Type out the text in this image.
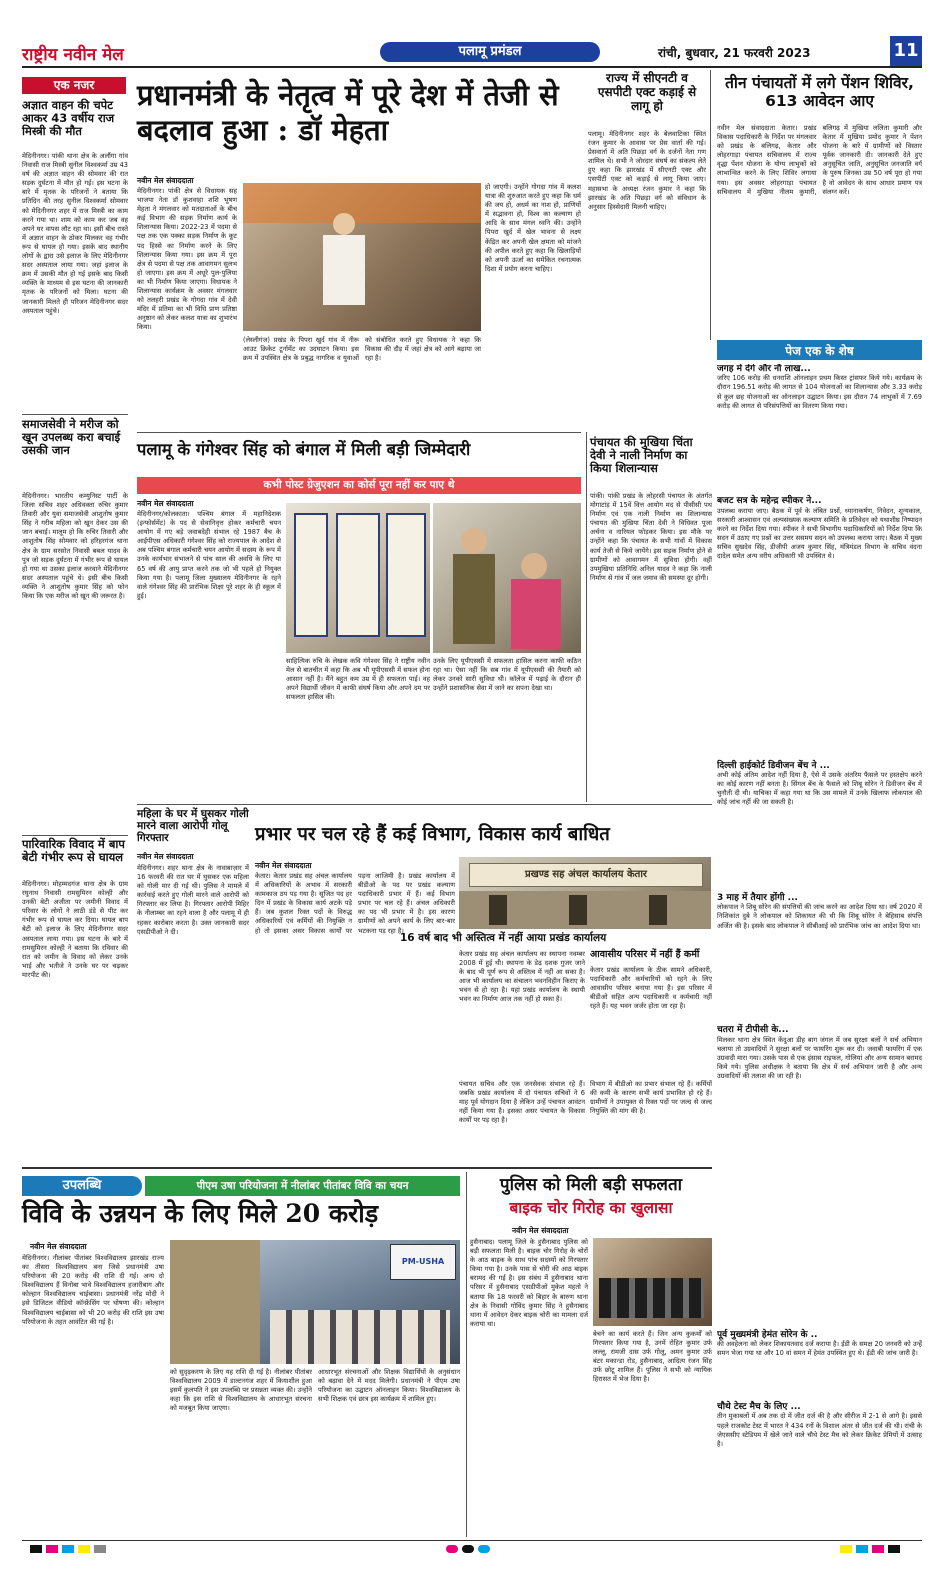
राष्ट्रीय नवीन मेल	पलामू प्रमंडल	रांची, बुधवार, 21 फरवरी 2023	11
एक नजर
अज्ञात वाहन की चपेट आकर 43 वर्षीय राज मिस्त्री की मौत
मेदिनीनगर। पांकी थाना क्षेत्र के अलौंगा गांव निवासी राज मिस्त्री सुनील विश्वकर्मा उम्र 43 वर्ष की अज्ञात वाहन की सोमवार की रात सड़क दुर्घटना में मौत हो गई। इस घटना के बारे में मृतक के परिजनों ने बताया कि प्रतिदिन की तरह सुनील विश्वकर्मा सोमवार को मेदिनीनगर शहर में राज मिस्त्री का काम करने गया था। शाम को काम कर जब वह अपने घर वापस लौट रहा था। इसी बीच रास्ते में अज्ञात वाहन के ठोकर मिलकर वह गंभीर रूप से घायल हो गया। इसके बाद स्थानीय लोगों के द्वारा उसे इलाज के लिए मेदिनीनगर सदर अस्पताल लाया गया। जहां इलाज के क्रम में उसकी मौत हो गई इसके बाद किसी व्यक्ति के माध्यम से इस घटना की जानकारी मृतक के परिजनों को मिला। घटना की जानकारी मिलते ही परिजन मेदिनीनगर सदर अस्पताल पहुंचे।
समाजसेवी ने मरीज को खून उपलब्ध करा बचाई उसकी जान
मेदिनीनगर। भारतीय कम्युनिस्ट पार्टी के जिला सचिव शहर अधिवक्ता रुचिर कुमार तिवारी और युवा समाजसेवी आशुतोष कुमार सिंह ने गरीब महिला को खून देकर उस की जान बचाई। मालूम हो कि रुचिर तिवारी और आशुतोष सिंह सोमवार को हरिहरगंज थाना क्षेत्र के ग्राम सरसोत निवासी बबल यादव के पुत्र जो सड़क दुर्घटना में गंभीर रूप से घायल हो गया था उसका इलाज करवाने मेदिनीनगर सदर अस्पताल पहुंचे थे। इसी बीच किसी व्यक्ति ने आशुतोष कुमार सिंह को फोन किया कि एक मरीज को खून की जरूरत है।
पारिवारिक विवाद में बाप बेटी गंभीर रूप से घायल
मेदिनीनगर। मोहम्मदगंज थाना क्षेत्र के ग्राम रघुनाथ निवासी रामसुमिरन कोल्ही और उनकी बेटी अजीता पर जमीनी विवाद में परिवार के लोगों ने लाठी डंडे से पीट कर गंभीर रूप से घायल कर दिया। घायल बाप बेटी को इलाज के लिए मेदिनीनगर सदर अस्पताल लाया गया। इस घटना के बारे में रामसुमिरन कोल्ही ने बताया कि रविवार की रात को जमीन के विवाद को लेकर उनके भाई और भतीजे ने उनके घर पर चढ़कर मारपीट की।
प्रधानमंत्री के नेतृत्व में पूरे देश में तेजी से बदलाव हुआ : डॉ मेहता
नवीन मेल संवाददाता
मेदिनीनगर। पांकी क्षेत्र से विधायक सह भाजपा नेता डॉ कुशवाहा शशि भूषण मेहता ने मंगलवार को मतदाताओं के बीच कई विभाग की सड़क निर्माण कार्य के शिलान्यास किया। 2022-23 में पदमा से पक्ष तक एक पक्का सड़क निर्माण के कूट पद हिस्से का निर्माण करने के लिए शिलान्यास किया गया। इस क्रम में पूरा क्षेत्र से पदमा से पक्ष तक आवागमन सुलभ हो जाएगा। इस क्रम में अधूरे पुल-पुलिया का भी निर्माण किया जाएगा। विधायक ने शिलान्यास कार्यक्रम के अवसर मंगलवार को तलहरी प्रखंड के गोगदा गांव में देवी मंदिर में प्रतिमा का भी विधि प्राण प्रतिष्ठा अनुष्ठान को लेकर कलश यात्रा का शुभारंभ किया।
(लेस्लीगंज) प्रखंड के पिपरा खुर्द गांव में नीरू आउट क्रिकेट टूर्नामेंट का उदघाटन किया। इस क्रम में उपस्थित क्षेत्र के प्रबुद्ध नागरिक व युवाओं को संबोधित करते हुए विधायक ने कहा कि विकास की दौड़ में जहां क्षेत्र को आगे बढ़ाया जा रहा है।
हो जाएगी। उन्होंने गोगदा गांव में कलश यात्रा की शुरुआत करते हुए कहा कि धर्म की जय हो, अधर्म का नाश हो, प्राणियों में सद्भावना हो, विश्व का कल्याण हो आदि के साथ मंगल ध्वनि की। उन्होंने पिपरा खुर्द में खेल भावना से लक्ष्य केंद्रित कर अपनी खेल क्षमता को मांजने की अपील करते हुए कहा कि खिलाड़ियों को अपनी ऊर्जा का समेकित रचनात्मक दिशा में प्रयोग करना चाहिए।
राज्य में सीएनटी व एसपीटी एक्ट कड़ाई से लागू हो
पलामू। मेदिनीनगर शहर के बेलवाटिका स्थित रंजन कुमार के आवास पर प्रेस वार्ता की गई। प्रेसवार्ता में अति पिछड़ा वर्ग के दर्जनों नेता गण शामिल थे। सभी ने जोरदार संघर्ष का संकल्प लेते हुए कहा कि झारखंड में सीएनटी एक्ट और एसपीटी एक्ट को कड़ाई से लागू किया जाए। महासभा के अध्यक्ष रंजन कुमार ने कहा कि झारखंड के अति पिछड़ा वर्ग को संविधान के अनुसार हिस्सेदारी मिलनी चाहिए।
तीन पंचायतों में लगे पेंशन शिविर, 613 आवेदन आए
नवीन मेल संवाददाता केतार। प्रखंड विकास पदाधिकारी के निर्देश पर मंगलवार को प्रखंड के बलिगढ़, केतार और लोहरगाड़ा पंचायत सचिवालय में राज्य वृद्धा पेंशन योजना के योग्य लाभुकों को लाभान्वित करने के लिए शिविर लगाया गया। इस अवसर लोहरगाड़ा पंचायत सचिवालय में मुखिया नीलम कुमारी, बलिगढ़ में मुखिया ललिता कुमारी और केतार में मुखिया प्रमोद कुमार ने पेंशन योजना के बारे में ग्रामीणों को विस्तार पूर्वक जानकारी दी। जानकारी देते हुए अनुसूचित जाति, अनुसूचित जनजाति वर्ग के पुरुष जिनका उम्र 50 वर्ष पूरा हो गया है वो आवेदन के साथ आधार प्रमाण पत्र संलग्न करें।
पेज एक के शेष
जगह में देंगे और नौ लाख...
जरिए 106 करोड़ की धनराशि ऑनलाइन प्रथम किस्त ट्रांसफर किये गये। कार्यक्रम के दौरान 196.51 करोड़ की लागत से 104 योजनाओं का शिलान्यास और 3.33 करोड़ से कुल छह योजनाओं का ऑनलाइन उद्घाटन किया। इस दौरान 74 लाभुकों में 7.69 करोड़ की लागत से परिसंपत्तियों का वितरण किया गया।
बजट सत्र के महेन्द्र स्पीकर ने...
उपलब्ध कराया जाए। बैठक में पूर्व के लंबित प्रश्नों, ध्यानाकर्षण, निवेदन, शून्यकाल, सरकारी आश्वासन एवं अल्पसंख्यक कल्याण समिति के प्रतिवेदन को यथाशीघ्र निष्पादन करने का निर्देश दिया गया। स्पीकर ने सभी विभागीय पदाधिकारियों को निर्देश दिया कि सदन में उठाए गए प्रश्नों का उत्तर ससमय सदन को उपलब्ध कराया जाए। बैठक में मुख्य सचिव सुखदेव सिंह, डीजीपी अजय कुमार सिंह, मंत्रिमंडल विभाग के सचिव वंदना दादेल समेत अन्य वरीय अधिकारी भी उपस्थित थे।
दिल्ली हाईकोर्ट डिवीजन बेंच ने ...
अभी कोई अंतिम आदेश नहीं दिया है, ऐसे में उसके अंतरिम फैसले पर हस्तक्षेप करने का कोई कारण नहीं बनता है। सिंगल बेंच के फैसले को शिबू सोरेन ने डिवीजन बेंच में चुनौती दी थी। याचिका में कहा गया था कि उस मामले में उनके खिलाफ लोकपाल की कोई जांच नहीं की जा सकती है।
3 माह में तैयार होंगी ...
लोकपाल ने शिबू सोरेन की संपत्तियों की जांच करने का आदेश दिया था। वर्ष 2020 में निशिकांत दुबे ने लोकपाल को शिकायत की थी कि शिबू सोरेन ने बेहिसाब संपत्ति अर्जित की है। इसके बाद लोकपाल ने सीबीआई को प्रारंभिक जांच का आदेश दिया था।
चतरा में टीपीसी के...
मिलकर थाना क्षेत्र स्थित केंदुआ डीह बाग जंगल में जब सुरक्षा बलों ने सर्च अभियान चलाया तो उग्रवादियों ने सुरक्षा बलों पर फायरिंग शुरू कर दी। जवाबी फायरिंग में एक उग्रवादी मारा गया। उसके पास से एक इंसास राइफल, गोलियां और अन्य सामान बरामद किये गये। पुलिस अधीक्षक ने बताया कि क्षेत्र में सर्च अभियान जारी है और अन्य उग्रवादियों की तलाश की जा रही है।
पूर्व मुख्यमंत्री हेमंत सोरेन के ..
की अवहेलना को लेकर शिकायतवाद दर्ज कराया है। ईडी के समक्ष 20 जनवरी को उन्हें समन भेजा गया था और 10 वां समन में हेमंत उपस्थित हुए थे। ईडी की जांच जारी है।
चौथे टेस्ट मैच के लिए ...
तीन मुकाबलों में अब तक दो में जीत दर्ज की है और सीरीज में 2-1 से आगे है। इससे पहले राजकोट टेस्ट में भारत ने 434 रनों के विशाल अंतर से जीत दर्ज की थी। रांची के जेएससीए स्टेडियम में खेले जाने वाले चौथे टेस्ट मैच को लेकर क्रिकेट प्रेमियों में उत्साह है।
पलामू के गंगेश्वर सिंह को बंगाल में मिली बड़ी जिम्मेदारी
कभी पोस्ट ग्रेजुएशन का कोर्स पूरा नहीं कर पाए थे
नवीन मेल संवाददाता
मेदिनीनगर/कोलकाता। पश्चिम बंगाल में महानिदेशक (इन्फोर्समेंट) के पद से सेवानिवृत्त होकर कर्मचारी चयन आयोग में गए बड़े जवाबदेही संभाल रहे 1987 बैच के आईपीएस अधिकारी गंगेश्वर सिंह को राज्यपाल के आदेश से अब पश्चिम बंगाल कर्मचारी चयन आयोग में सदस्य के रूप में उनके कार्यभार संभालने से पांच साल की अवधि के लिए या 65 वर्ष की आयु प्राप्त करने तक जो भी पहले हो नियुक्त किया गया है। पलामू जिला मुख्यालय मेदिनीनगर के रहने वाले गंगेश्वर सिंह की प्रारंभिक शिक्षा पूरे शहर के ही स्कूल में हुई।
साहित्यिक रुचि के लेखक कवि गंगेश्वर सिंह ने राष्ट्रीय नवीन मेल से बातचीत में कहा कि अब भी यूपीएससी में सफल होना आसान नहीं है। मैंने बहुत कम उम्र में ही सफलता पाई। वह अपने विद्यार्थी जीवन में काफी संघर्ष किया और अपने दम पर सफलता हासिल की।
उनके लिए यूपीएससी में सफलता हासिल करना काफी कठिन रहा था। ऐसा नहीं कि सब गांव में यूपीएससी की तैयारी को लेकर उनको सारी सुविधा थी। कॉलेज में पढ़ाई के दौरान ही उन्होंने प्रशासनिक सेवा में जाने का सपना देखा था।
पंचायत की मुखिया चिंता देवी ने नाली निर्माण का किया शिलान्यास
पांकी। पांकी प्रखंड के लोहरसी पंचायत के अंतर्गत मोगाटांड़ में 15वें वित्त आयोग मद से पीसीसी पथ निर्माण एवं एक नाली निर्माण का शिलान्यास पंचायत की मुखिया चिंता देवी ने विधिवत पूजा अर्चना व नारियल फोड़कर किया। इस मौके पर उन्होंने कहा कि पंचायत के सभी गांवों में विकास कार्य तेजी से किये जायेंगे। इस सड़क निर्माण होने से ग्रामीणों को आवागमन में सुविधा होगी। वहीं उपमुखिया प्रतिनिधि अनिल यादव ने कहा कि नाली निर्माण से गांव में जल जमाव की समस्या दूर होगी।
महिला के घर में घुसकर गोली मारने वाला आरोपी गोलू गिरफ्तार
नवीन मेल संवाददाता
मेदिनीनगर। शहर थाना क्षेत्र के नावाबाज़ार में 16 फरवरी की रात घर में घुसकर एक महिला को गोली मार दी गई थी। पुलिस ने मामले में कार्रवाई करते हुए गोली मारने वाले आरोपी को गिरफ्तार कर लिया है। गिरफ्तार आरोपी मिहिर के नीलाम्बर का रहने वाला है और पलामू में ही रहकर कारोबार करता है। उक्त जानकारी सदर एसडीपीओ ने दी।
प्रभार पर चल रहे हैं कई विभाग, विकास कार्य बाधित
नवीन मेल संवाददाता
केतार। केतार प्रखंड सह अंचल कार्यालय में अधिकारियों के अभाव में सरकारी कामकाज ठप पड़ गया है। सूजित पद हर दिन में प्रखंड के विकास कार्य अटके पड़े हैं। जब कुशल रिक्त पदों के विरुद्ध अधिकारियों एवं कर्मियों की नियुक्ति न हो तो इसका असर विकास कार्यों पर पड़ना लाजिमी है। प्रखंड कार्यालय में बीडीओ के पद पर प्रखंड कल्याण पदाधिकारी प्रभार में हैं। कई विभाग प्रभार पर चल रहे हैं। अंचल अधिकारी का पद भी प्रभार में है। इस कारण ग्रामीणों को अपने कार्य के लिए बार-बार भटकना पड़ रहा है।
प्रखण्ड सह अंचल कार्यालय केतार
16 वर्ष बाद भी अस्तित्व में नहीं आया प्रखंड कार्यालय
केतार प्रखंड सह अंचल कार्यालय का स्थापना नवम्बर 2008 में हुई थी। स्थापना के डेढ़ दशक गुजर जाने के बाद भी पूर्ण रूप से अस्तित्व में नहीं आ सका है। आज भी कार्यालय का संचालन भवनविहीन किराए के भवन से हो रहा है। यहां प्रखंड कार्यालय के स्थायी भवन का निर्माण आज तक नहीं हो सका है।
आवासीय परिसर में नहीं हैं कर्मी
केतार प्रखंड कार्यालय के ठीक सामने अधिकारी, पदाधिकारी और कर्मचारियों को रहने के लिए आवासीय परिसर बनाया गया है। इस परिसर में बीडीओ सहित अन्य पदाधिकारी व कर्मचारी नहीं रहते हैं। यह भवन जर्जर होता जा रहा है।
पंचायत सचिव और एक जनसेवक संभाल रहे हैं। जबकि प्रखंड कार्यालय में दो पंचायत सचिवों ने 6 माह पूर्व योगदान दिया है लेकिन उन्हें पंचायत आवंटन नहीं किया गया है। इसका असर पंचायत के विकास कार्यों पर पड़ रहा है।
विभाग में बीडीओ का प्रभार संभाल रहे हैं। कर्मियों की कमी के कारण सभी कार्य प्रभावित हो रहे हैं। ग्रामीणों ने उपायुक्त से रिक्त पदों पर जल्द से जल्द नियुक्ति की मांग की है।
उपलब्धि	पीएम उषा परियोजना में नीलांबर पीतांबर विवि का चयन
विवि के उन्नयन के लिए मिले 20 करोड़
नवीन मेल संवाददाता
मेदिनीनगर। नीलांबर पीतांबर विश्वविद्यालय झारखंड राज्य का तीसरा विश्वविद्यालय बना जिसे प्रधानमंत्री उषा परियोजना की 20 करोड़ की राशि दी गई। अन्य दो विश्वविद्यालय हैं विनोबा भावे विश्वविद्यालय हजारीबाग और कोल्हान विश्वविद्यालय चाईबासा। प्रधानमंत्री नरेंद्र मोदी ने इसे डिजिटल वीडियो कॉन्फ्रेंसिंग पर घोषणा की। कोल्हान विश्वविद्यालय चाईबासा को भी 20 करोड़ की राशि इस उषा परियोजना के तहत आवंटित की गई है।
PM-USHA
को सुदृढ़करण के लिए यह राशि दी गई है। नीलांबर पीतांबर विश्वविद्यालय 2009 में डाल्टनगंज शहर में कियाशील हुआ इसमें कुलपति ने इस उपलब्धि पर प्रसन्नता व्यक्त की। उन्होंने कहा कि इस राशि से विश्वविद्यालय के आधारभूत संरचना को मजबूत किया जाएगा।
आधारभूत संरचनाओं और शिक्षक विद्यार्थियों के अनुसंधान को बढ़ावा देने में मदद मिलेगी। प्रधानमंत्री ने पीएम उषा परियोजना का उद्घाटन ऑनलाइन किया। विश्वविद्यालय के सभी शिक्षक एवं छात्र इस कार्यक्रम में शामिल हुए।
पुलिस को मिली बड़ी सफलता
बाइक चोर गिरोह का खुलासा
नवीन मेल संवाददाता
हुसैनाबाद। पलामू जिले के हुसैनाबाद पुलिस को बड़ी सफलता मिली है। बाइक चोर गिरोह के चोरों के आठ बाइक के साथ पांच सदस्यों को गिरफ्तार किया गया है। उनके पास से चोरी की आठ बाइक बरामद की गई है। इस संबंध में हुसैनाबाद थाना परिसर में हुसैनाबाद एसडीपीओ मुकेश महतो ने बताया कि 18 फरवरी को बिहार के बारुण थाना क्षेत्र के निवासी गोविंद कुमार सिंह ने हुसैनाबाद थाना में आवेदन देकर बाइक चोरी का मामला दर्ज कराया था।
बेचने का कार्य करते हैं। जिन अन्य कुकर्मों को गिरफ्तार किया गया है, उनमें रोहित कुमार उर्फ लल्लू, रामजी दास उर्फ गोलू, अमन कुमार उर्फ बंटर मकान्डा रोड, हुसैनाबाद, आदित्य रंजन सिंह उर्फ छोटू शामिल हैं। पुलिस ने सभी को न्यायिक हिरासत में भेज दिया है।
